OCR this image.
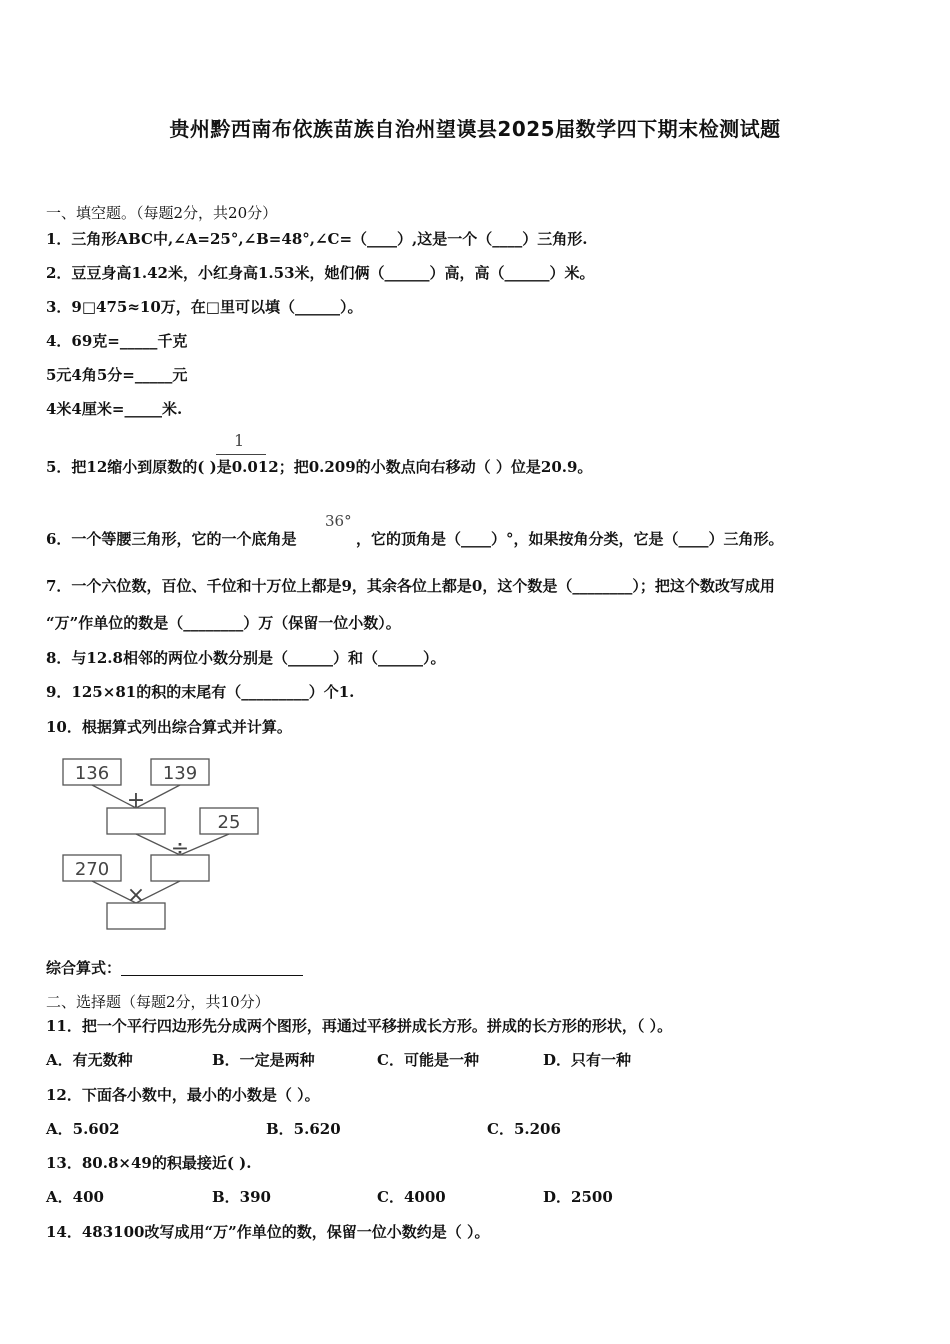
贵州黔西南布依族苗族自治州望谟县2025届数学四下期末检测试题
一、填空题。（每题2分，共20分）
1．三角形ABC中,∠A=25°,∠B=48°,∠C=（____）,这是一个（____）三角形.
2．豆豆身高1.42米，小红身高1.53米，她们俩（______）高，高（______）米。
3．9□475≈10万，在□里可以填（______）。
4．69克=_____千克
5元4角5分=_____元
4米4厘米=_____米.
1
5．把12缩小到原数的( )是0.012；把0.209的小数点向右移动（ ）位是20.9。
36°
6．一个等腰三角形，它的一个底角是	，它的顶角是（____）°，如果按角分类，它是（____）三角形。
7．一个六位数，百位、千位和十万位上都是9，其余各位上都是0，这个数是（________）；把这个数改写成用
“万”作单位的数是（________）万（保留一位小数）。
8．与12.8相邻的两位小数分别是（______）和（______）。
9．125×81的积的末尾有（_________）个1.
10．根据算式列出综合算式并计算。
136	139
+
25
÷
270
×
综合算式：
二、选择题（每题2分，共10分）
11．把一个平行四边形先分成两个图形，再通过平移拼成长方形。拼成的长方形的形状，（ ）。
A．有无数种	B．一定是两种	C．可能是一种	D．只有一种
12．下面各小数中，最小的小数是（ ）。
A．5.602	B．5.620	C．5.206
13．80.8×49的积最接近( ).
A．400	B．390	C．4000	D．2500
14．483100改写成用“万”作单位的数，保留一位小数约是（ ）。
